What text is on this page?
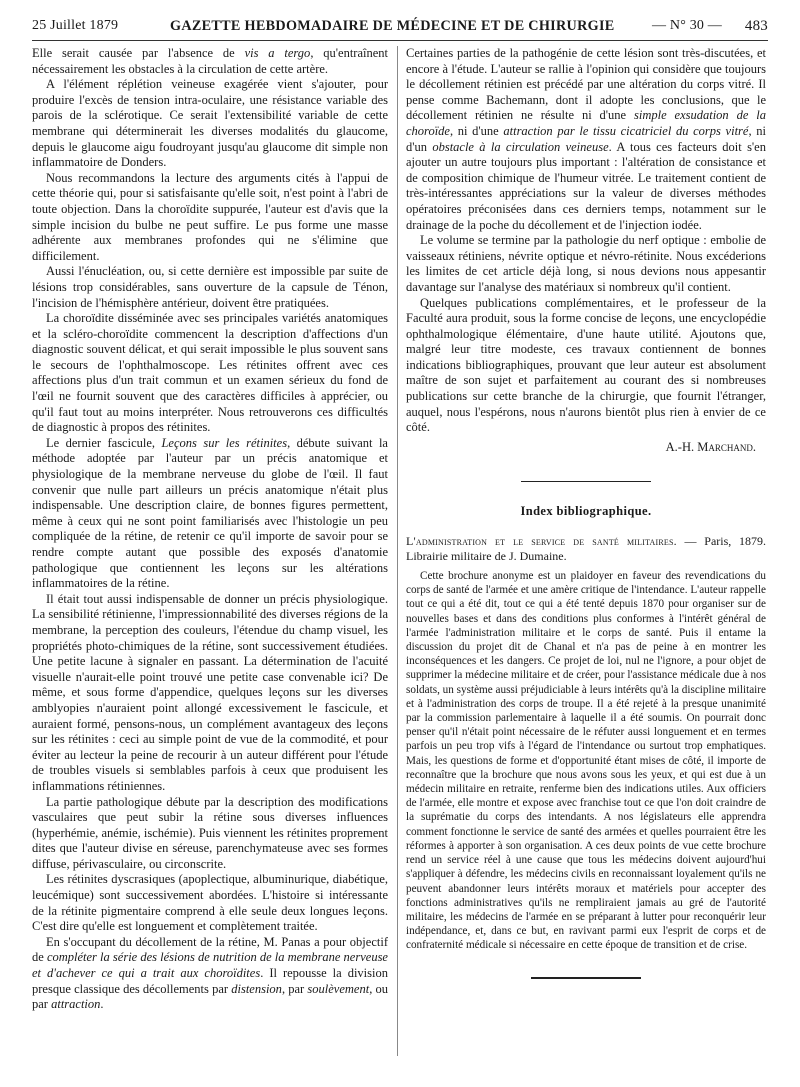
25 Juillet 1879	GAZETTE HEBDOMADAIRE DE MÉDECINE ET DE CHIRURGIE	— N° 30 — 483

Elle serait causée par l'absence de vis a tergo, qu'entraînent nécessairement les obstacles à la circulation de cette artère.

A l'élément réplétion veineuse exagérée vient s'ajouter, pour produire l'excès de tension intra-oculaire, une résistance variable des parois de la sclérotique. Ce serait l'extensibilité variable de cette membrane qui déterminerait les diverses modalités du glaucome, depuis le glaucome aigu foudroyant jusqu'au glaucome dit simple non inflammatoire de Donders.

Nous recommandons la lecture des arguments cités à l'appui de cette théorie qui, pour si satisfaisante qu'elle soit, n'est point à l'abri de toute objection. Dans la choroïdite suppurée, l'auteur est d'avis que la simple incision du bulbe ne peut suffire. Le pus forme une masse adhérente aux membranes profondes qui ne s'élimine que difficilement.

Aussi l'énucléation, ou, si cette dernière est impossible par suite de lésions trop considérables, sans ouverture de la capsule de Ténon, l'incision de l'hémisphère antérieur, doivent être pratiquées.

La choroïdite disséminée avec ses principales variétés anatomiques et la scléro-choroïdite commencent la description d'affections d'un diagnostic souvent délicat, et qui serait impossible le plus souvent sans le secours de l'ophthalmoscope. Les rétinites offrent avec ces affections plus d'un trait commun et un examen sérieux du fond de l'œil ne fournit souvent que des caractères difficiles à apprécier, ou qu'il faut tout au moins interpréter. Nous retrouverons ces difficultés de diagnostic à propos des rétinites.

Le dernier fascicule, Leçons sur les rétinites, débute suivant la méthode adoptée par l'auteur par un précis anatomique et physiologique de la membrane nerveuse du globe de l'œil. Il faut convenir que nulle part ailleurs un précis anatomique n'était plus indispensable. Une description claire, de bonnes figures permettent, même à ceux qui ne sont point familiarisés avec l'histologie un peu compliquée de la rétine, de retenir ce qu'il importe de savoir pour se rendre compte autant que possible des exposés d'anatomie pathologique que contiennent les leçons sur les altérations inflammatoires de la rétine.

Il était tout aussi indispensable de donner un précis physiologique. La sensibilité rétinienne, l'impressionnabilité des diverses régions de la membrane, la perception des couleurs, l'étendue du champ visuel, les propriétés photo-chimiques de la rétine, sont successivement étudiées. Une petite lacune à signaler en passant. La détermination de l'acuité visuelle n'aurait-elle point trouvé une petite case convenable ici? De même, et sous forme d'appendice, quelques leçons sur les diverses amblyopies n'auraient point allongé excessivement le fascicule, et auraient formé, pensons-nous, un complément avantageux des leçons sur les rétinites : ceci au simple point de vue de la commodité, et pour éviter au lecteur la peine de recourir à un auteur différent pour l'étude de troubles visuels si semblables parfois à ceux que produisent les inflammations rétiniennes.

La partie pathologique débute par la description des modifications vasculaires que peut subir la rétine sous diverses influences (hyperhémie, anémie, ischémie). Puis viennent les rétinites proprement dites que l'auteur divise en séreuse, parenchymateuse avec ses formes diffuse, périvasculaire, ou circonscrite.

Les rétinites dyscrasiques (apoplectique, albuminurique, diabétique, leucémique) sont successivement abordées. L'histoire si intéressante de la rétinite pigmentaire comprend à elle seule deux longues leçons. C'est dire qu'elle est longuement et complètement traitée.

En s'occupant du décollement de la rétine, M. Panas a pour objectif de compléter la série des lésions de nutrition de la membrane nerveuse et d'achever ce qui a trait aux choroïdites. Il repousse la division presque classique des décollements par distension, par soulèvement, ou par attraction.

Certaines parties de la pathogénie de cette lésion sont très-discutées, et encore à l'étude. L'auteur se rallie à l'opinion qui considère que toujours le décollement rétinien est précédé par une altération du corps vitré. Il pense comme Bachemann, dont il adopte les conclusions, que le décollement rétinien ne résulte ni d'une simple exsudation de la choroïde, ni d'une attraction par le tissu cicatriciel du corps vitré, ni d'un obstacle à la circulation veineuse. A tous ces facteurs doit s'en ajouter un autre toujours plus important : l'altération de consistance et de composition chimique de l'humeur vitrée. Le traitement contient de très-intéressantes appréciations sur la valeur de diverses méthodes opératoires préconisées dans ces derniers temps, notamment sur le drainage de la poche du décollement et de l'injection iodée.

Le volume se termine par la pathologie du nerf optique : embolie de vaisseaux rétiniens, névrite optique et névro-rétinite. Nous excéderions les limites de cet article déjà long, si nous devions nous appesantir davantage sur l'analyse des matériaux si nombreux qu'il contient.

Quelques publications complémentaires, et le professeur de la Faculté aura produit, sous la forme concise de leçons, une encyclopédie ophthalmologique élémentaire, d'une haute utilité. Ajoutons que, malgré leur titre modeste, ces travaux contiennent de bonnes indications bibliographiques, prouvant que leur auteur est absolument maître de son sujet et parfaitement au courant des si nombreuses publications sur cette branche de la chirurgie, que fournit l'étranger, auquel, nous l'espérons, nous n'aurons bientôt plus rien à envier de ce côté.

A.-H. Marchand.
Index bibliographique.
L'administration et le service de santé militaires. — Paris, 1879. Librairie militaire de J. Dumaine.

Cette brochure anonyme est un plaidoyer en faveur des revendications du corps de santé de l'armée et une amère critique de l'intendance. L'auteur rappelle tout ce qui a été dit, tout ce qui a été tenté depuis 1870 pour organiser sur de nouvelles bases et dans des conditions plus conformes à l'intérêt général de l'armée l'administration militaire et le corps de santé. Puis il entame la discussion du projet dit de Chanal et n'a pas de peine à en montrer les inconséquences et les dangers. Ce projet de loi, nul ne l'ignore, a pour objet de supprimer la médecine militaire et de créer, pour l'assistance médicale due à nos soldats, un système aussi préjudiciable à leurs intérêts qu'à la discipline militaire et à l'administration des corps de troupe. Il a été rejeté à la presque unanimité par la commission parlementaire à laquelle il a été soumis. On pourrait donc penser qu'il n'était point nécessaire de le réfuter aussi longuement et en termes parfois un peu trop vifs à l'égard de l'intendance ou surtout trop emphatiques. Mais, les questions de forme et d'opportunité étant mises de côté, il importe de reconnaître que la brochure que nous avons sous les yeux, et qui est due à un médecin militaire en retraite, renferme bien des indications utiles. Aux officiers de l'armée, elle montre et expose avec franchise tout ce que l'on doit craindre de la suprématie du corps des intendants. A nos législateurs elle apprendra comment fonctionne le service de santé des armées et quelles pourraient être les réformes à apporter à son organisation. A ces deux points de vue cette brochure rend un service réel à une cause que tous les médecins doivent aujourd'hui s'appliquer à défendre, les médecins civils en reconnaissant loyalement qu'ils ne peuvent abandonner leurs intérêts moraux et matériels pour accepter des fonctions administratives qu'ils ne rempliraient jamais au gré de l'autorité militaire, les médecins de l'armée en se préparant à lutter pour reconquérir leur indépendance, et, dans ce but, en ravivant parmi eux l'esprit de corps et de confraternité médicale si nécessaire en cette époque de transition et de crise.
